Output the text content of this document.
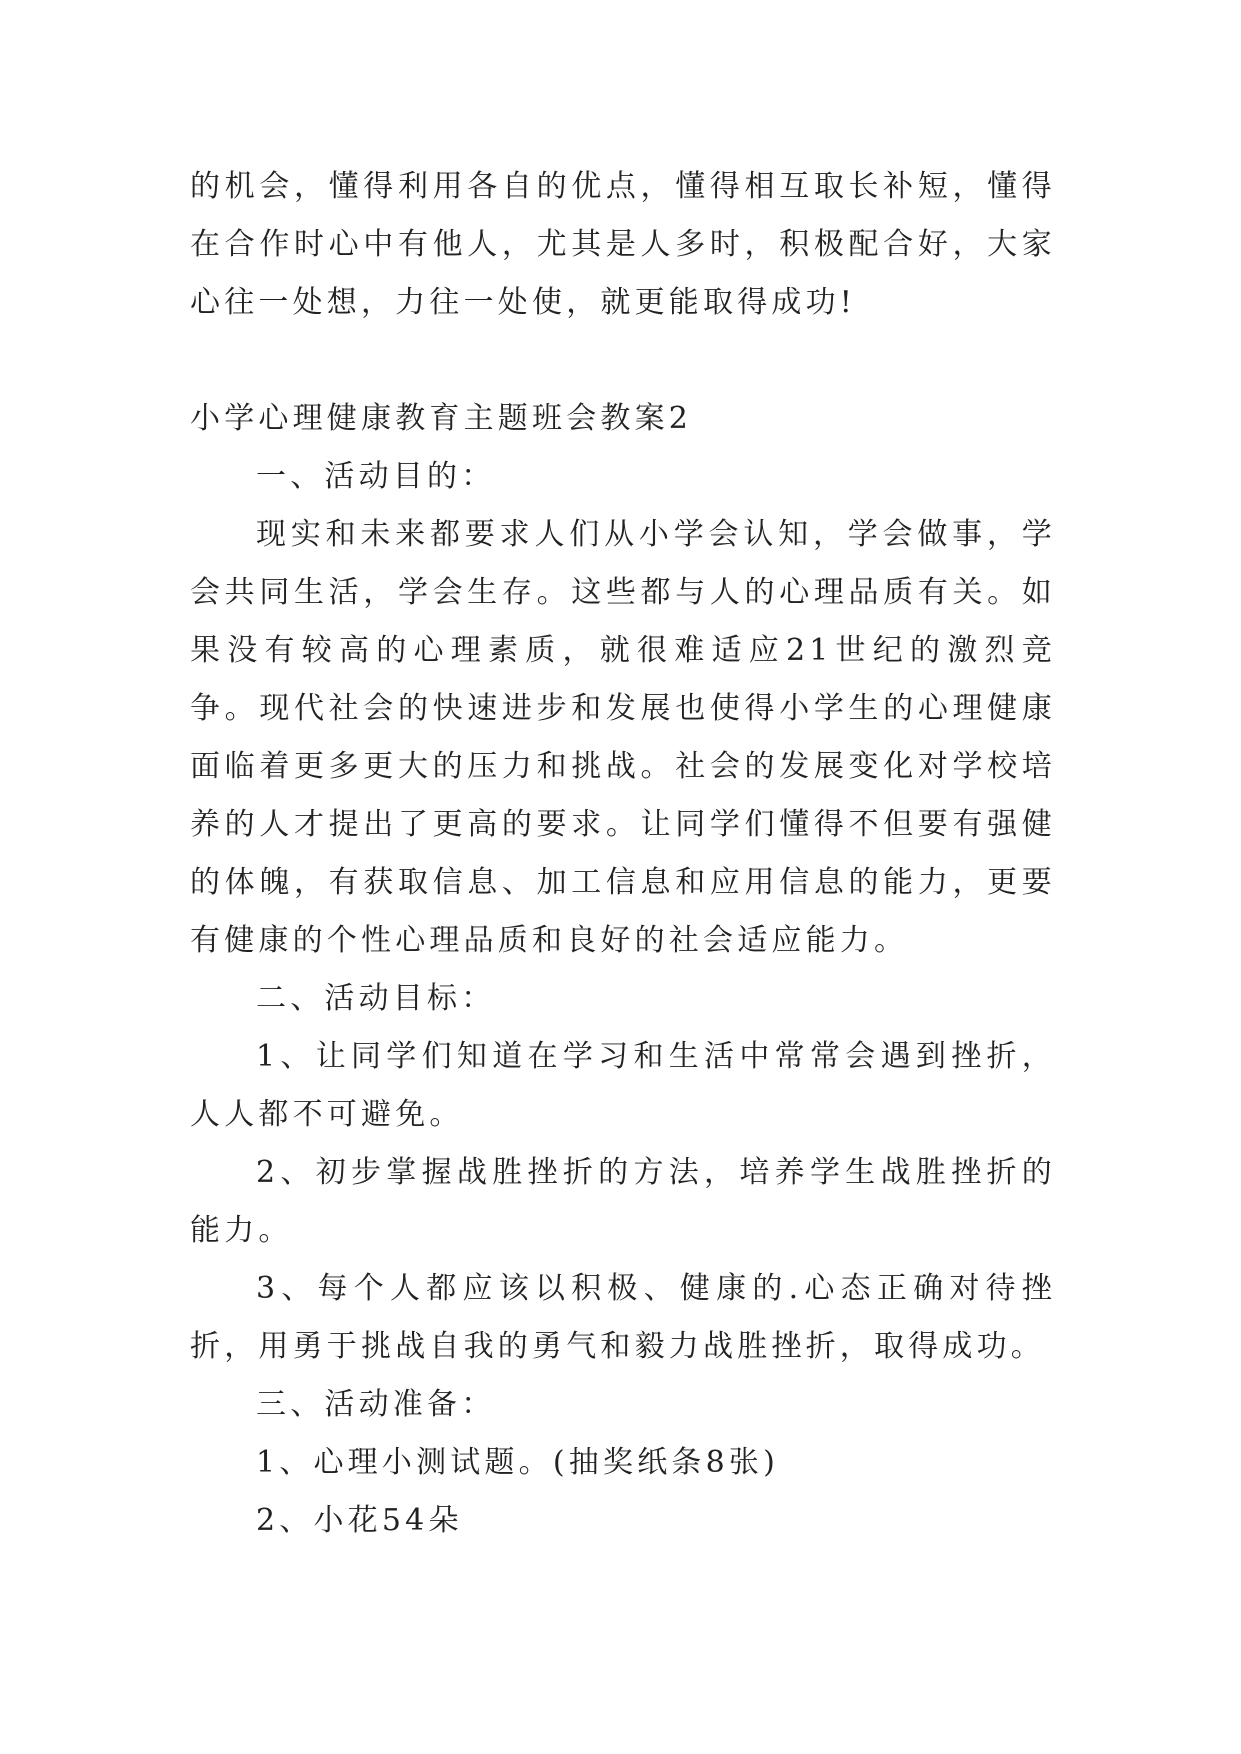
的机会，懂得利用各自的优点，懂得相互取长补短，懂得在合作时心中有他人，尤其是人多时，积极配合好，大家心往一处想，力往一处使，就更能取得成功!

小学心理健康教育主题班会教案2

一、活动目的：

现实和未来都要求人们从小学会认知，学会做事，学会共同生活，学会生存。这些都与人的心理品质有关。如果没有较高的心理素质，就很难适应21世纪的激烈竞争。现代社会的快速进步和发展也使得小学生的心理健康面临着更多更大的压力和挑战。社会的发展变化对学校培养的人才提出了更高的要求。让同学们懂得不但要有强健的体魄，有获取信息、加工信息和应用信息的能力，更要有健康的个性心理品质和良好的社会适应能力。

二、活动目标：

1、让同学们知道在学习和生活中常常会遇到挫折，人人都不可避免。

2、初步掌握战胜挫折的方法，培养学生战胜挫折的能力。

3、每个人都应该以积极、健康的.心态正确对待挫折，用勇于挑战自我的勇气和毅力战胜挫折，取得成功。

三、活动准备：

1、心理小测试题。(抽奖纸条8张)

2、小花54朵
